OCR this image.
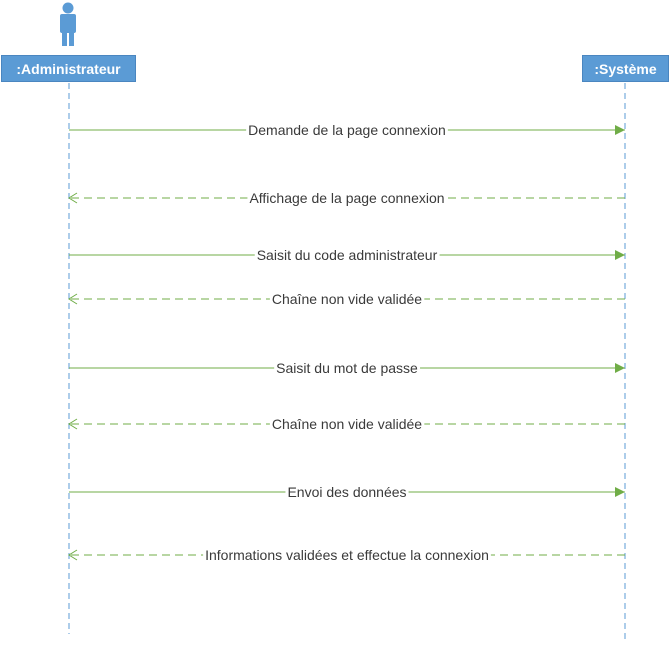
Demande de la page connexion
Affichage de la page connexion
Saisit du code administrateur
Chaîne non vide validée
Saisit du mot de passe
Chaîne non vide validée
Envoi des données
Informations validées et effectue la connexion
:Administrateur	:Système
